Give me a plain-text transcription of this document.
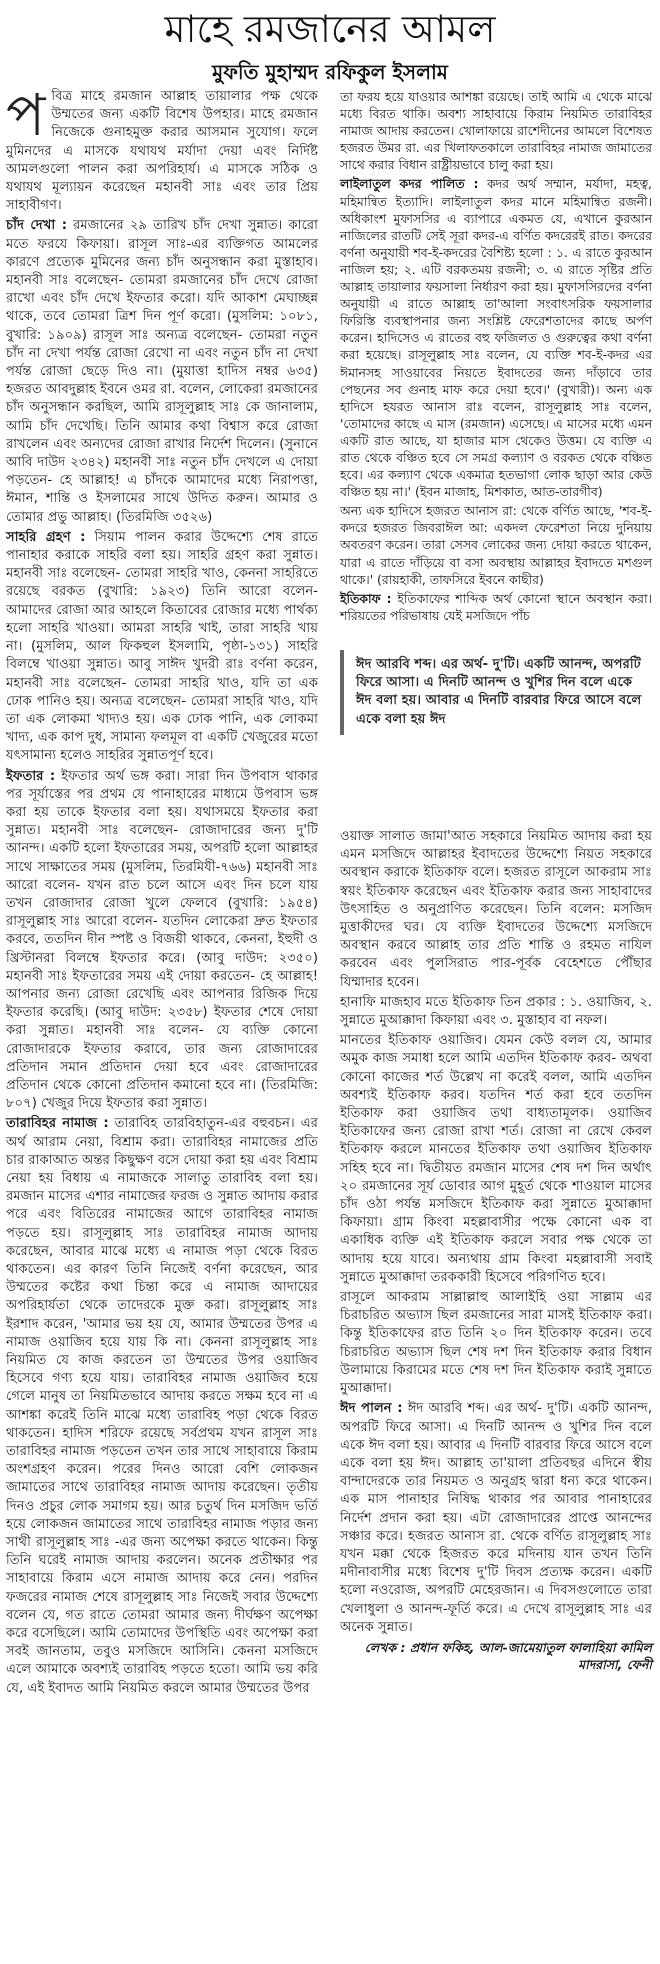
মাহে রমজানের আমল
মুফতি মুহাম্মদ রফিকুল ইসলাম

পবিত্র মাহে রমজান আল্লাহ তায়ালার পক্ষ থেকে উম্মতের জন্য একটি বিশেষ উপহার। মাহে রমজান নিজেকে গুনাহমুক্ত করার আসমান সুযোগ। ফলে মুমিনদের এ মাসকে যথাযথ মর্যাদা দেয়া এবং নির্দিষ্ট আমলগুলো পালন করা অপরিহার্য। এ মাসকে সঠিক ও যথাযথ মূল্যায়ন করেছেন মহানবী সাঃ এবং তার প্রিয় সাহাবীগণ।

চাঁদ দেখা : রমজানের ২৯ তারিখ চাঁদ দেখা সুন্নাত। কারো মতে ফরযে কিফায়া। রাসূল সাঃ-এর ব্যক্তিগত আমলের কারণে প্রত্যেক মুমিনের জন্য চাঁদ অনুসন্ধান করা মুস্তাহাব। মহানবী সাঃ বলেছেন- তোমরা রমজানের চাঁদ দেখে রোজা রাখো এবং চাঁদ দেখে ইফতার করো। যদি আকাশ মেঘাচ্ছন্ন থাকে, তবে তোমরা ত্রিশ দিন পূর্ণ করো। (মুসলিম: ১০৮১, বুখারি: ১৯০৯) রাসূল সাঃ অন্যত্র বলেছেন- তোমরা নতুন চাঁদ না দেখা পর্যন্ত রোজা রেখো না এবং নতুন চাঁদ না দেখা পর্যন্ত রোজা ছেড়ে দিও না। (মুয়াত্তা হাদিস নম্বর ৬৩৫) হজরত আবদুল্লাহ ইবনে ওমর রা. বলেন, লোকেরা রমজানের চাঁদ অনুসন্ধান করছিল, আমি রাসূলুল্লাহ সাঃ কে জানালাম, আমি চাঁদ দেখেছি। তিনি আমার কথা বিশ্বাস করে রোজা রাখলেন এবং অন্যদের রোজা রাখার নির্দেশ দিলেন। (সুনানে আবি দাউদ ২৩৪২) মহানবী সাঃ নতুন চাঁদ দেখলে এ দোয়া পড়তেন- হে আল্লাহ! এ চাঁদকে আমাদের মধ্যে নিরাপত্তা, ঈমান, শান্তি ও ইসলামের সাথে উদিত করুন। আমার ও তোমার প্রভু আল্লাহ। (তিরমিজি ৩৫২৬)

সাহরি গ্রহণ : সিয়াম পালন করার উদ্দেশ্যে শেষ রাতে পানাহার করাকে সাহরি বলা হয়। সাহরি গ্রহণ করা সুন্নাত। মহানবী সাঃ বলেছেন- তোমরা সাহরি খাও, কেননা সাহরিতে রয়েছে বরকত (বুখারি: ১৯২৩) তিনি আরো বলেন- আমাদের রোজা আর আহলে কিতাবের রোজার মধ্যে পার্থক্য হলো সাহরি খাওয়া। আমরা সাহরি খাই, তারা সাহরি খায় না। (মুসলিম, আল ফিকহুল ইসলামি, পৃষ্ঠা-১৩১) সাহরি বিলম্বে খাওয়া সুন্নাত। আবু সাঈদ খুদরী রাঃ বর্ণনা করেন, মহানবী সাঃ বলেছেন- তোমরা সাহরি খাও, যদি তা এক ঢোক পানিও হয়। অন্যত্র বলেছেন- তোমরা সাহরি খাও, যদি তা এক লোকমা খাদ্যও হয়। এক ঢোক পানি, এক লোকমা খাদ্য, এক কাপ দুধ, সামান্য ফলমূল বা একটি খেজুরের মতো যৎসামান্য হলেও সাহরির সুন্নাতপূর্ণ হবে।

ইফতার : ইফতার অর্থ ভঙ্গ করা। সারা দিন উপবাস থাকার পর সূর্যাস্তের পর প্রথম যে পানাহারের মাধ্যমে উপবাস ভঙ্গ করা হয় তাকে ইফতার বলা হয়। যথাসময়ে ইফতার করা সুন্নাত। মহানবী সাঃ বলেছেন- রোজাদারের জন্য দু'টি আনন্দ। একটি হলো ইফতারের সময়, অপরটি হলো আল্লাহর সাথে সাক্ষাতের সময় (মুসলিম, তিরমিযী-৭৬৬) মহানবী সাঃ আরো বলেন- যখন রাত চলে আসে এবং দিন চলে যায় তখন রোজাদার রোজা খুলে ফেলবে (বুখারি: ১৯৫৪) রাসূলুল্লাহ সাঃ আরো বলেন- যতদিন লোকেরা দ্রুত ইফতার করবে, ততদিন দীন স্পষ্ট ও বিজয়ী থাকবে, কেননা, ইহুদী ও খ্রিস্টানরা বিলম্বে ইফতার করে। (আবু দাউদ: ২৩৫০) মহানবী সাঃ ইফতারের সময় এই দোয়া করতেন- হে আল্লাহ! আপনার জন্য রোজা রেখেছি এবং আপনার রিজিক দিয়ে ইফতার করেছি। (আবু দাউদ: ২৩৫৮) ইফতার শেষে দোয়া করা সুন্নাত। মহানবী সাঃ বলেন- যে ব্যক্তি কোনো রোজাদারকে ইফতার করাবে, তার জন্য রোজাদারের প্রতিদান সমান প্রতিদান দেয়া হবে এবং রোজাদারের প্রতিদান থেকে কোনো প্রতিদান কমানো হবে না। (তিরমিজি: ৮০৭) খেজুর দিয়ে ইফতার করা সুন্নাত।

তারাবিহর নামাজ : তারাবিহ তারবিহাতুন-এর বহুবচন। এর অর্থ আরাম নেয়া, বিশ্রাম করা। তারাবিহর নামাজের প্রতি চার রাকাআত অন্তর কিছুক্ষণ বসে দোয়া করা হয় এবং বিশ্রাম নেয়া হয় বিধায় এ নামাজকে সালাতু তারাবিহ বলা হয়। রমজান মাসের এশার নামাজের ফরজ ও সুন্নাত আদায় করার পরে এবং বিতিরের নামাজের আগে তারাবিহর নামাজ পড়তে হয়। রাসূলুল্লাহ সাঃ তারাবিহর নামাজ আদায় করেছেন, আবার মাঝে মধ্যে এ নামাজ পড়া থেকে বিরত থাকতেন। এর কারণ তিনি নিজেই বর্ণনা করেছেন, আর উম্মতের কষ্টের কথা চিন্তা করে এ নামাজ আদায়ের অপরিহার্যতা থেকে তাদেরকে মুক্ত করা। রাসূলুল্লাহ সাঃ ইরশাদ করেন, 'আমার ভয় হয় যে, আমার উম্মতের উপর এ নামাজ ওয়াজিব হয়ে যায় কি না। কেননা রাসূলুল্লাহ সাঃ নিয়মিত যে কাজ করতেন তা উম্মতের উপর ওয়াজিব হিসেবে গণ্য হয়ে যায়। তারাবিহর নামাজ ওয়াজিব হয়ে গেলে মানুষ তা নিয়মিতভাবে আদায় করতে সক্ষম হবে না এ আশঙ্কা করেই তিনি মাঝে মধ্যে তারাবিহ পড়া থেকে বিরত থাকতেন। হাদিস শরিফে রয়েছে সর্বপ্রথম যখন রাসূল সাঃ তারাবিহর নামাজ পড়তেন তখন তার সাথে সাহাবায়ে কিরাম অংশগ্রহণ করেন। পরের দিনও আরো বেশি লোকজন জামাতের সাথে তারাবিহর নামাজ আদায় করেছেন। তৃতীয় দিনও প্রচুর লোক সমাগম হয়। আর চতুর্থ দিন মসজিদ ভর্তি হয়ে লোকজন জামাতের সাথে তারাবিহর নামাজ পড়ার জন্য সাথী রাসূলুল্লাহ সাঃ -এর জন্য অপেক্ষা করতে থাকেন। কিন্তু তিনি ঘরেই নামাজ আদায় করলেন। অনেক প্রতীক্ষার পর সাহাবায়ে কিরাম এসে নামাজ আদায় করে নেন। পরদিন ফজরের নামাজ শেষে রাসূলুল্লাহ সাঃ নিজেই সবার উদ্দেশ্যে বলেন যে, গত রাতে তোমরা আমার জন্য দীর্ঘক্ষণ অপেক্ষা করে বসেছিলে। আমি তোমাদের উপস্থিতি এবং অপেক্ষা করা সবই জানতাম, তবুও মসজিদে আসিনি। কেননা মসজিদে এলে আমাকে অবশ্যই তারাবিহ পড়তে হতো। আমি ভয় করি যে, এই ইবাদত আমি নিয়মিত করলে আমার উম্মতের উপর

তা ফরয হয়ে যাওয়ার আশঙ্কা রয়েছে। তাই আমি এ থেকে মাঝে মধ্যে বিরত থাকি। অবশ্য সাহাবায়ে কিরাম নিয়মিত তারাবিহর নামাজ আদায় করতেন। খোলাফায়ে রাশেদীনের আমলে বিশেষত হজরত উমর রা. এর খিলাফতকালে তারাবিহর নামাজ জামাতের সাথে করার বিধান রাষ্ট্রীয়ভাবে চালু করা হয়।

লাইলাতুল কদর পালিত : কদর অর্থ সম্মান, মর্যাদা, মহত্ব, মহিমান্বিত ইত্যাদি। লাইলাতুল কদর মানে মহিমান্বিত রজনী। অধিকাংশ মুফাসসির এ ব্যাপারে একমত যে, এখানে কুরআন নাজিলের রাতটি সেই সূরা কদর-এ বর্ণিত কদরেরই রাত। কদরের বর্ণনা অনুযায়ী শব-ই-কদরের বৈশিষ্ট্য হলো : ১. এ রাতে কুরআন নাজিল হয়; ২. এটি বরকতময় রজনী; ৩. এ রাতে সৃষ্টির প্রতি আল্লাহ তায়ালার ফয়সালা নির্ধারণ করা হয়। মুফাসসিরদের বর্ণনা অনুযায়ী এ রাতে আল্লাহ তা'আলা সংবাৎসরিক ফয়সালার ফিরিস্তি ব্যবস্থাপনার জন্য সংশ্লিষ্ট ফেরেশতাদের কাছে অর্পণ করেন। হাদিসেও এ রাতের বহু ফজিলত ও গুরুত্বের কথা বর্ণনা করা হয়েছে। রাসূলুল্লাহ সাঃ বলেন, যে ব্যক্তি শব-ই-কদর এর ঈমানসহ সাওয়াবের নিয়তে ইবাদতের জন্য দাঁড়াবে তার পেছনের সব গুনাহ মাফ করে দেয়া হবে।' (বুখারী)। অন্য এক হাদিসে হযরত আনাস রাঃ বলেন, রাসূলুল্লাহ সাঃ বলেন, 'তোমাদের কাছে এ মাস (রমজান) এসেছে। এ মাসের মধ্যে এমন একটি রাত আছে, যা হাজার মাস থেকেও উত্তম। যে ব্যক্তি এ রাত থেকে বঞ্চিত হবে সে সমগ্র কল্যাণ ও বরকত থেকে বঞ্চিত হবে। এর কল্যাণ থেকে একমাত্র হতভাগা লোক ছাড়া আর কেউ বঞ্চিত হয় না।' (ইবন মাজাহ, মিশকাত, আত-তারগীব)

অন্য এক হাদিসে হজরত আনাস রা: থেকে বর্ণিত আছে, 'শব-ই-কদরে হজরত জিবরাঈল আ: একদল ফেরেশতা নিয়ে দুনিয়ায় অবতরণ করেন। তারা সেসব লোকের জন্য দোয়া করতে থাকেন, যারা এ রাতে দাঁড়িয়ে বা বসা অবস্থায় আল্লাহর ইবাদতে মশগুল থাকে।' (রায়হাকী, তাফসিরে ইবনে কাছীর)

ইতিকাফ : ইতিকাফের শাব্দিক অর্থ কোনো স্থানে অবস্থান করা। শরিয়তের পরিভাষায় যেই মসজিদে পাঁচ

ওয়াক্ত সালাত জামা'আত সহকারে নিয়মিত আদায় করা হয় এমন মসজিদে আল্লাহর ইবাদতের উদ্দেশ্যে নিয়ত সহকারে অবস্থান করাকে ইতিকাফ বলে। হজরত রাসূলে আকরাম সাঃ স্বয়ং ইতিকাফ করেছেন এবং ইতিকাফ করার জন্য সাহাবাদের উৎসাহিত ও অনুপ্রাণিত করেছেন। তিনি বলেন: মসজিদ মুত্তাকীদের ঘর। যে ব্যক্তি ইবাদতের উদ্দেশ্যে মসজিদে অবস্থান করবে আল্লাহ তার প্রতি শান্তি ও রহমত নাযিল করবেন এবং পুলসিরাত পার-পূর্বক বেহেশতে পৌঁছার যিম্মাদার হবেন।

হানাফি মাজহাব মতে ইতিকাফ তিন প্রকার : ১. ওয়াজিব, ২. সুন্নাতে মুআক্কাদা কিফায়া এবং ৩. মুস্তাহাব বা নফল।

মানতের ইতিকাফ ওয়াজিব। যেমন কেউ বলল যে, আমার অমুক কাজ সমাধা হলে আমি এতদিন ইতিকাফ করব- অথবা কোনো কাজের শর্ত উল্লেখ না করেই বলল, আমি এতদিন অবশ্যই ইতিকাফ করব। যতদিন শর্ত করা হবে ততদিন ইতিকাফ করা ওয়াজিব তথা বাধ্যতামূলক। ওয়াজিব ইতিকাফের জন্য রোজা রাখা শর্ত। রোজা না রেখে কেবল ইতিকাফ করলে মানতের ইতিকাফ তথা ওয়াজিব ইতিকাফ সহিহ হবে না। দ্বিতীয়ত রমজান মাসের শেষ দশ দিন অর্থাৎ ২০ রমজানের সূর্য ডোবার আগ মুহূর্ত থেকে শাওয়াল মাসের চাঁদ ওঠা পর্যন্ত মসজিদে ইতিকাফ করা সুন্নাতে মুআক্কাদা কিফায়া। গ্রাম কিংবা মহল্লাবাসীর পক্ষে কোনো এক বা একাধিক ব্যক্তি এই ইতিকাফ করলে সবার পক্ষ থেকে তা আদায় হয়ে যাবে। অন্যথায় গ্রাম কিংবা মহল্লাবাসী সবাই সুন্নাতে মুআক্কাদা তরককারী হিসেবে পরিগণিত হবে।

রাসূলে আকরাম সাল্লাল্লাহু আলাইহি ওয়া সাল্লাম এর চিরাচরিত অভ্যাস ছিল রমজানের সারা মাসই ইতিকাফ করা। কিন্তু ইতিকাফের রাত তিনি ২০ দিন ইতিকাফ করেন। তবে চিরাচরিত অভ্যাস ছিল শেষ দশ দিন ইতিকাফ করার বিধান উলামায়ে কিরামের মতে শেষ দশ দিন ইতিকাফ করাই সুন্নাতে মুআক্কাদা।

ঈদ পালন : ঈদ আরবি শব্দ। এর অর্থ- দু'টি। একটি আনন্দ, অপরটি ফিরে আসা। এ দিনটি আনন্দ ও খুশির দিন বলে একে ঈদ বলা হয়। আবার এ দিনটি বারবার ফিরে আসে বলে একে বলা হয় ঈদ। আল্লাহ তা'য়ালা প্রতিবছর এদিনে স্বীয় বান্দাদেরকে তার নিয়মত ও অনুগ্রহ দ্বারা ধন্য করে থাকেন। এক মাস পানাহার নিষিদ্ধ থাকার পর আবার পানাহারের নির্দেশ প্রদান করা হয়। এটা রোজাদারের প্রাপ্তে আনন্দের সঞ্চার করে। হজরত আনাস রা. থেকে বর্ণিত রাসূলুল্লাহ সাঃ যখন মক্কা থেকে হিজরত করে মদিনায় যান তখন তিনি মদীনাবাসীর মধ্যে বিশেষ দু'টি দিবস প্রত্যক্ষ করেন। একটি হলো নওরোজ, অপরটি মেহেরজান। এ দিবসগুলোতে তারা খেলাধুলা ও আনন্দ-ফূর্তি করে। এ দেখে রাসূলুল্লাহ সাঃ এর অনেক সুন্নাত।

লেখক : প্রধান ফকিহ, আল-জামেয়াতুল ফালাহিয়া কামিল মাদরাসা, ফেনী

ঈদ আরবি শব্দ। এর অর্থ- দু'টি। একটি আনন্দ, অপরটি ফিরে আসা। এ দিনটি আনন্দ ও খুশির দিন বলে একে ঈদ বলা হয়। আবার এ দিনটি বারবার ফিরে আসে বলে একে বলা হয় ঈদ
